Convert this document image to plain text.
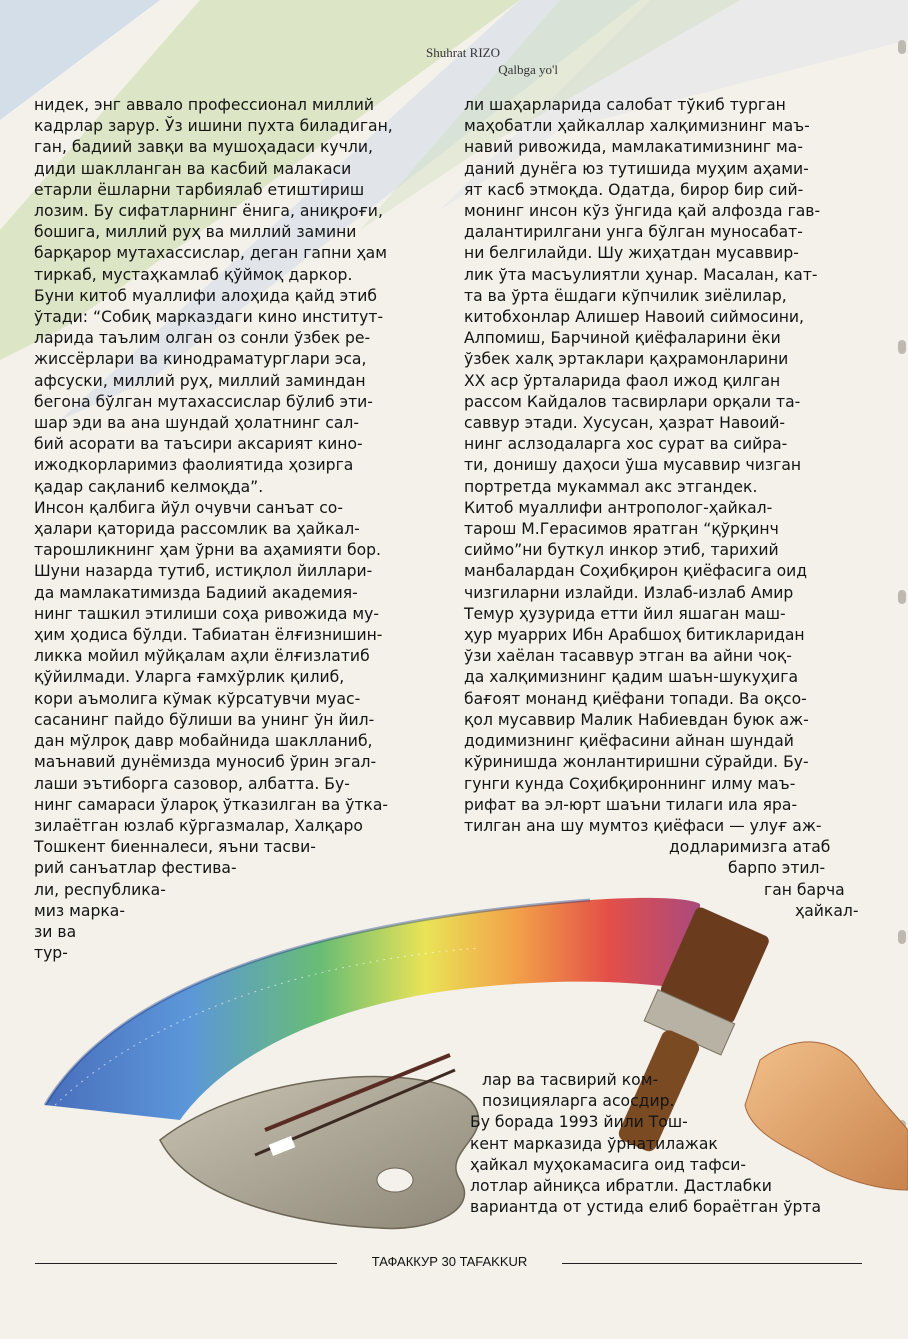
Shuhrat RIZO
Qalbga yo'l

нидек, энг аввало профессионал миллий

кадрлар зарур. Ўз ишини пухта биладиган,

ган, бадиий завқи ва мушоҳадаси кучли,

диди шаклланган ва касбий малакаси

етарли ёшларни тарбиялаб етиштириш

лозим. Бу сифатларнинг ёнига, аниқроғи,

бошига, миллий руҳ ва миллий замини

барқарор мутахассислар, деган гапни ҳам

тиркаб, мустаҳкамлаб қўймоқ даркор.

Буни китоб муаллифи алоҳида қайд этиб

ўтади: “Собиқ марказдаги кино институт-

ларида таълим олган оз сонли ўзбек ре-

жиссёрлари ва кинодраматурглари эса,

афсуски, миллий руҳ, миллий заминдан

бегона бўлган мутахассислар бўлиб эти-

шар эди ва ана шундай ҳолатнинг сал-

бий асорати ва таъсири аксарият кино-

ижодкорларимиз фаолиятида ҳозирга

қадар сақланиб келмоқда”.

Инсон қалбига йўл очувчи санъат со-

ҳалари қаторида рассомлик ва ҳайкал-

тарошликнинг ҳам ўрни ва аҳамияти бор.

Шуни назарда тутиб, истиқлол йиллари-

да мамлакатимизда Бадиий академия-

нинг ташкил этилиши соҳа ривожида му-

ҳим ҳодиса бўлди. Табиатан ёлғизнишин-

ликка мойил мўйқалам аҳли ёлғизлатиб

қўйилмади. Уларга ғамхўрлик қилиб,

кори аъмолига кўмак кўрсатувчи муас-

сасанинг пайдо бўлиши ва унинг ўн йил-

дан мўлроқ давр мобайнида шаклланиб,

маънавий дунёмизда муносиб ўрин эгал-

лаши эътиборга сазовор, албатта. Бу-

нинг самараси ўлароқ ўтказилган ва ўтка-

зилаётган юзлаб кўргазмалар, Халқаро

Тошкент биенналеси, яъни тасви-

рий санъатлар фестива-

ли, республика-

миз марка-

зи ва

тур-

ли шаҳарларида салобат тўкиб турган

маҳобатли ҳайкаллар халқимизнинг маъ-

навий ривожида, мамлакатимизнинг ма-

даний дунёга юз тутишида муҳим аҳами-

ят касб этмоқда. Одатда, бирор бир сий-

монинг инсон кўз ўнгида қай алфозда гав-

далантирилгани унга бўлган муносабат-

ни белгилайди. Шу жиҳатдан мусаввир-

лик ўта масъулиятли ҳунар. Масалан, кат-

та ва ўрта ёшдаги кўпчилик зиёлилар,

китобхонлар Алишер Навоий сиймосини,

Алпомиш, Барчиной қиёфаларини ёки

ўзбек халқ эртаклари қаҳрамонларини

XX аср ўрталарида фаол ижод қилган

рассом Кайдалов тасвирлари орқали та-

саввур этади. Хусусан, ҳазрат Навоий-

нинг аслзодаларга хос сурат ва сийра-

ти, донишу даҳоси ўша мусаввир чизган

портретда мукаммал акс этгандек.

Китоб муаллифи антрополог-ҳайкал-

тарош М.Герасимов яратган “қўрқинч

сиймо”ни буткул инкор этиб, тарихий

манбалардан Соҳибқирон қиёфасига оид

чизгиларни излайди. Излаб-излаб Амир

Темур ҳузурида етти йил яшаган маш-

ҳур муаррих Ибн Арабшоҳ битикларидан

ўзи хаёлан тасаввур этган ва айни чоқ-

да халқимизнинг қадим шаън-шукуҳига

бағоят монанд қиёфани топади. Ва оқсо-

қол мусаввир Малик Набиевдан буюк аж-

додимизнинг қиёфасини айнан шундай

кўринишда жонлантиришни сўрайди. Бу-

гунги кунда Соҳибқироннинг илму маъ-

рифат ва эл-юрт шаъни тилаги ила яра-

тилган ана шу мумтоз қиёфаси — улуғ аж-

додларимизга атаб

барпо этил-

ган барча

ҳайкал-

лар ва тасвирий ком-

позицияларга асосдир.

Бу борада 1993 йили Тош-

кент марказида ўрнатилажак

ҳайкал муҳокамасига оид тафси-

лотлар айниқса ибратли. Дастлабки

вариантда от устида елиб бораётган ўрта

ТАФАККУР 30 TAFAKKUR
